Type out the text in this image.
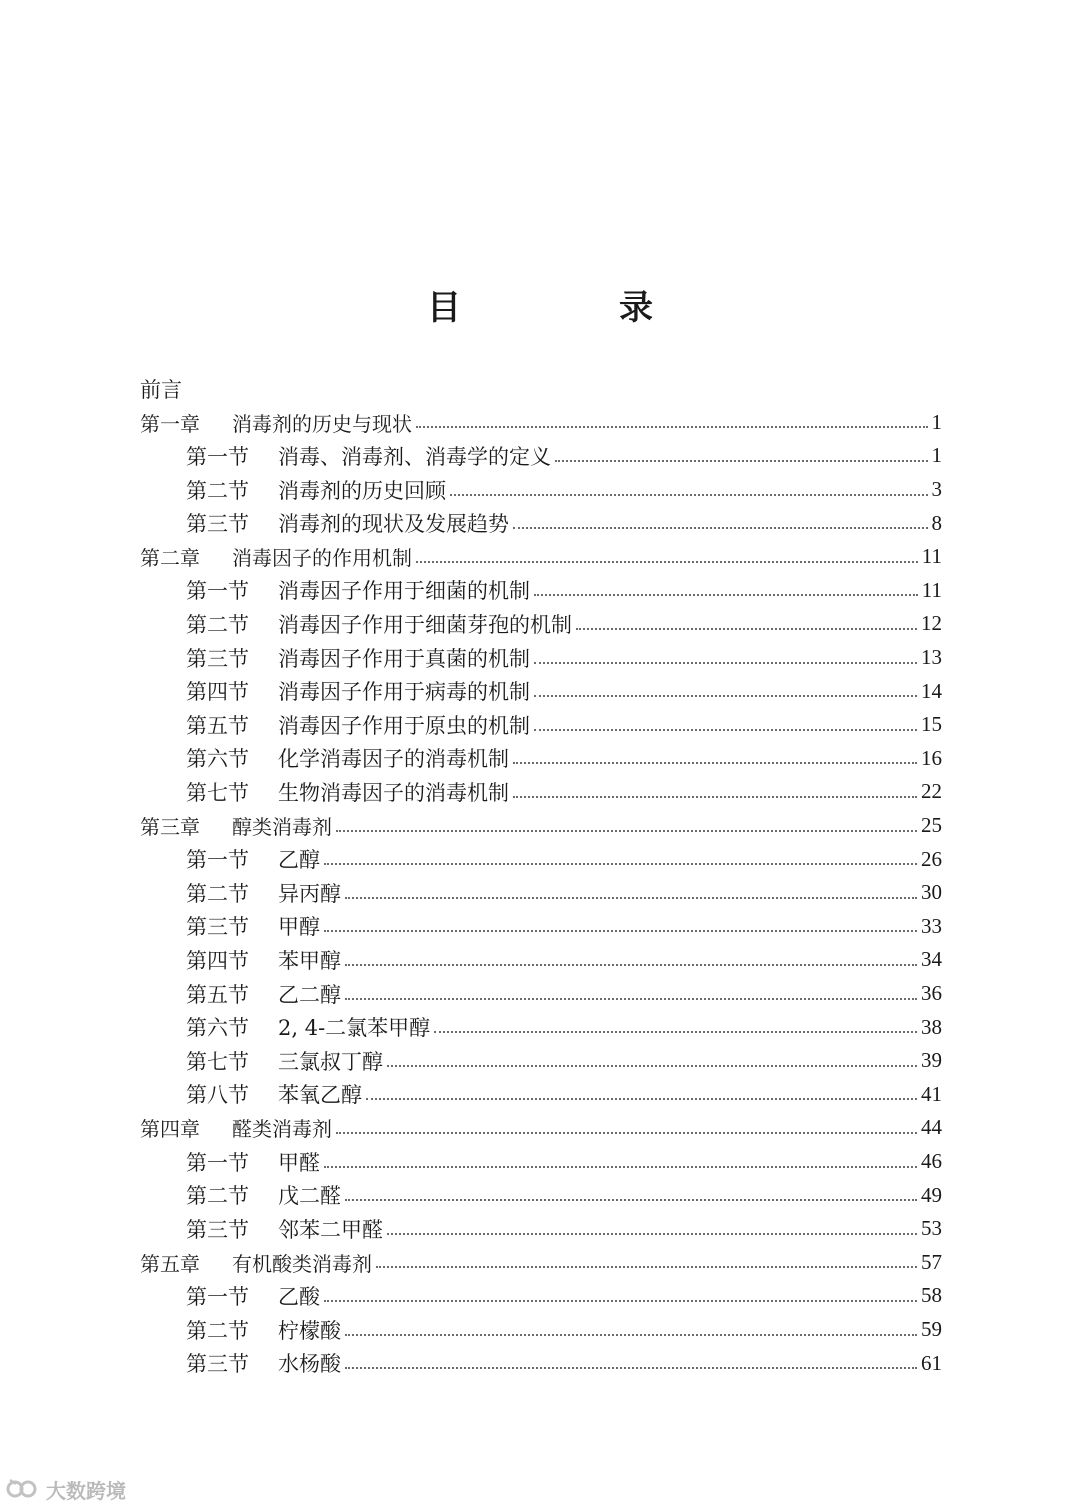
目　录
前言
第一章 消毒剂的历史与现状	1
第一节 消毒、消毒剂、消毒学的定义	1
第二节 消毒剂的历史回顾	3
第三节 消毒剂的现状及发展趋势	8
第二章 消毒因子的作用机制	11
第一节 消毒因子作用于细菌的机制	11
第二节 消毒因子作用于细菌芽孢的机制	12
第三节 消毒因子作用于真菌的机制	13
第四节 消毒因子作用于病毒的机制	14
第五节 消毒因子作用于原虫的机制	15
第六节 化学消毒因子的消毒机制	16
第七节 生物消毒因子的消毒机制	22
第三章 醇类消毒剂	25
第一节 乙醇	26
第二节 异丙醇	30
第三节 甲醇	33
第四节 苯甲醇	34
第五节 乙二醇	36
第六节 2, 4-二氯苯甲醇	38
第七节 三氯叔丁醇	39
第八节 苯氧乙醇	41
第四章 醛类消毒剂	44
第一节 甲醛	46
第二节 戊二醛	49
第三节 邻苯二甲醛	53
第五章 有机酸类消毒剂	57
第一节 乙酸	58
第二节 柠檬酸	59
第三节 水杨酸	61
大数跨境
